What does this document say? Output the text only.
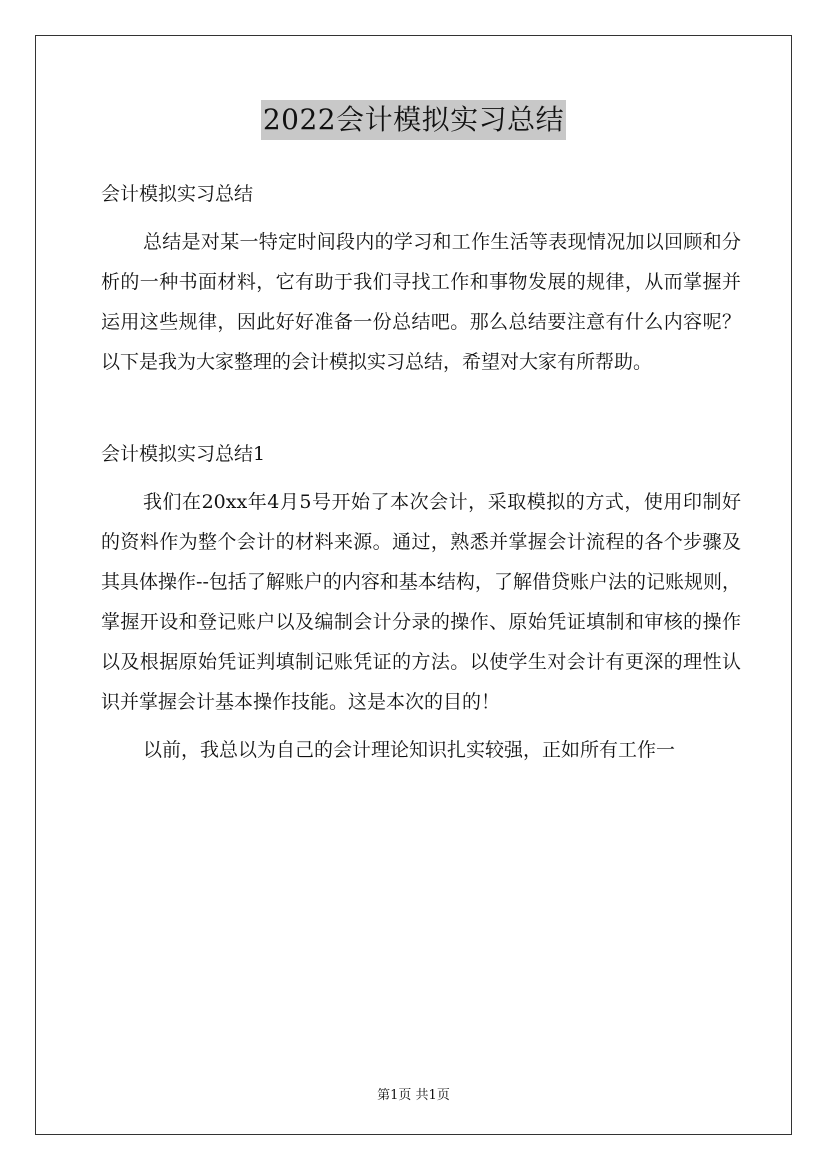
2022会计模拟实习总结

会计模拟实习总结

总结是对某一特定时间段内的学习和工作生活等表现情况加以回顾和分析的一种书面材料，它有助于我们寻找工作和事物发展的规律，从而掌握并运用这些规律，因此好好准备一份总结吧。那么总结要注意有什么内容呢？以下是我为大家整理的会计模拟实习总结，希望对大家有所帮助。

会计模拟实习总结1

我们在20xx年4月5号开始了本次会计，采取模拟的方式，使用印制好的资料作为整个会计的材料来源。通过，熟悉并掌握会计流程的各个步骤及其具体操作--包括了解账户的内容和基本结构，了解借贷账户法的记账规则，掌握开设和登记账户以及编制会计分录的操作、原始凭证填制和审核的操作以及根据原始凭证判填制记账凭证的方法。以使学生对会计有更深的理性认识并掌握会计基本操作技能。这是本次的目的！

以前，我总以为自己的会计理论知识扎实较强，正如所有工作一

第1页 共1页
